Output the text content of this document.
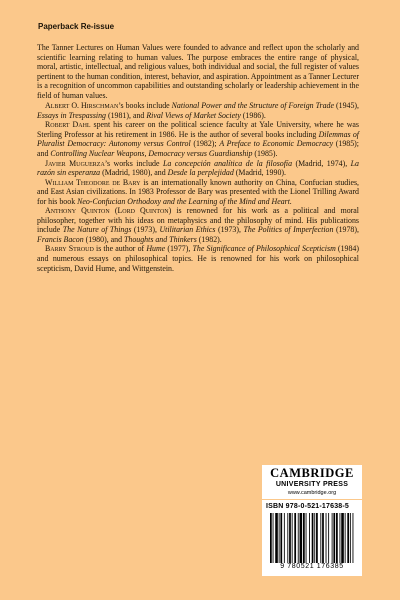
Paperback Re-issue

The Tanner Lectures on Human Values were founded to advance and reflect upon the scholarly and scientific learning relating to human values. The purpose embraces the entire range of physical, moral, artistic, intellectual, and religious values, both individual and social, the full register of values pertinent to the human condition, interest, behavior, and aspiration. Appointment as a Tanner Lecturer is a recognition of uncommon capabilities and outstanding scholarly or leadership achievement in the field of human values.

Albert O. Hirschman’s books include National Power and the Structure of Foreign Trade (1945), Essays in Trespassing (1981), and Rival Views of Market Society (1986).

Robert Dahl spent his career on the political science faculty at Yale University, where he was Sterling Professor at his retirement in 1986. He is the author of several books including Dilemmas of Pluralist Democracy: Autonomy versus Control (1982); A Preface to Economic Democracy (1985); and Controlling Nuclear Weapons, Democracy versus Guardianship (1985).

Javier Muguerza’s works include La concepción analítica de la filosofía (Madrid, 1974), La razón sin esperanza (Madrid, 1980), and Desde la perplejidad (Madrid, 1990).

William Theodore de Bary is an internationally known authority on China, Confucian studies, and East Asian civilizations. In 1983 Professor de Bary was presented with the Lionel Trilling Award for his book Neo-Confucian Orthodoxy and the Learning of the Mind and Heart.

Anthony Quinton (Lord Quinton) is renowned for his work as a political and moral philosopher, together with his ideas on metaphysics and the philosophy of mind. His publications include The Nature of Things (1973), Utilitarian Ethics (1973), The Politics of Imperfection (1978), Francis Bacon (1980), and Thoughts and Thinkers (1982).

Barry Stroud is the author of Hume (1977), The Significance of Philosophical Scepticism (1984) and numerous essays on philosophical topics. He is renowned for his work on philosophical scepticism, David Hume, and Wittgenstein.

CAMBRIDGE
UNIVERSITY PRESS
www.cambridge.org
ISBN 978-0-521-17638-5
9 780521 176385
